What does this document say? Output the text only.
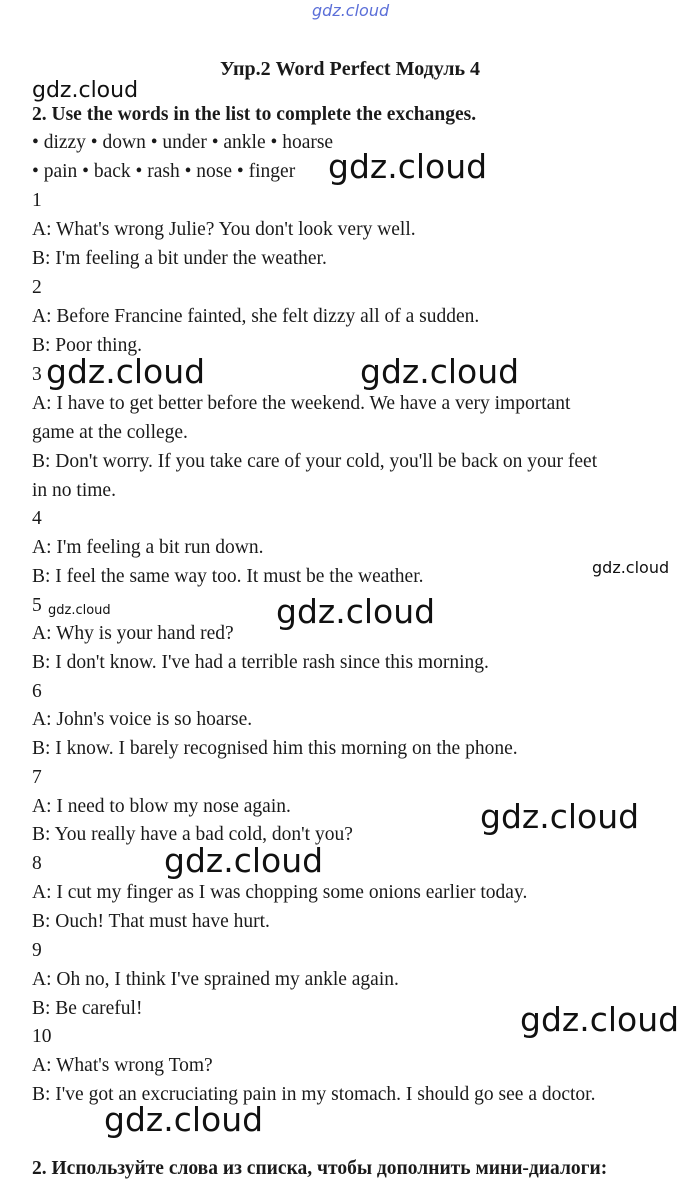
gdz.cloud
gdz.cloud
gdz.cloud
gdz.cloud	gdz.cloud
gdz.cloud
gdz.cloud	gdz.cloud
gdz.cloud
gdz.cloud
gdz.cloud
gdz.cloud

Упр.2 Word Perfect Модуль 4

2. Use the words in the list to complete the exchanges.

• dizzy • down • under • ankle • hoarse

• pain • back • rash • nose • finger

1

A: What's wrong Julie? You don't look very well.

B: I'm feeling a bit under the weather.

2

A: Before Francine fainted, she felt dizzy all of a sudden.

B: Poor thing.

3

A: I have to get better before the weekend. We have a very important

game at the college.

B: Don't worry. If you take care of your cold, you'll be back on your feet

in no time.

4

A: I'm feeling a bit run down.

B: I feel the same way too. It must be the weather.

5

A: Why is your hand red?

B: I don't know. I've had a terrible rash since this morning.

6

A: John's voice is so hoarse.

B: I know. I barely recognised him this morning on the phone.

7

A: I need to blow my nose again.

B: You really have a bad cold, don't you?

8

A: I cut my finger as I was chopping some onions earlier today.

B: Ouch! That must have hurt.

9

A: Oh no, I think I've sprained my ankle again.

B: Be careful!

10

A: What's wrong Tom?

B: I've got an excruciating pain in my stomach. I should go see a doctor.

2. Используйте слова из списка, чтобы дополнить мини-диалоги:
